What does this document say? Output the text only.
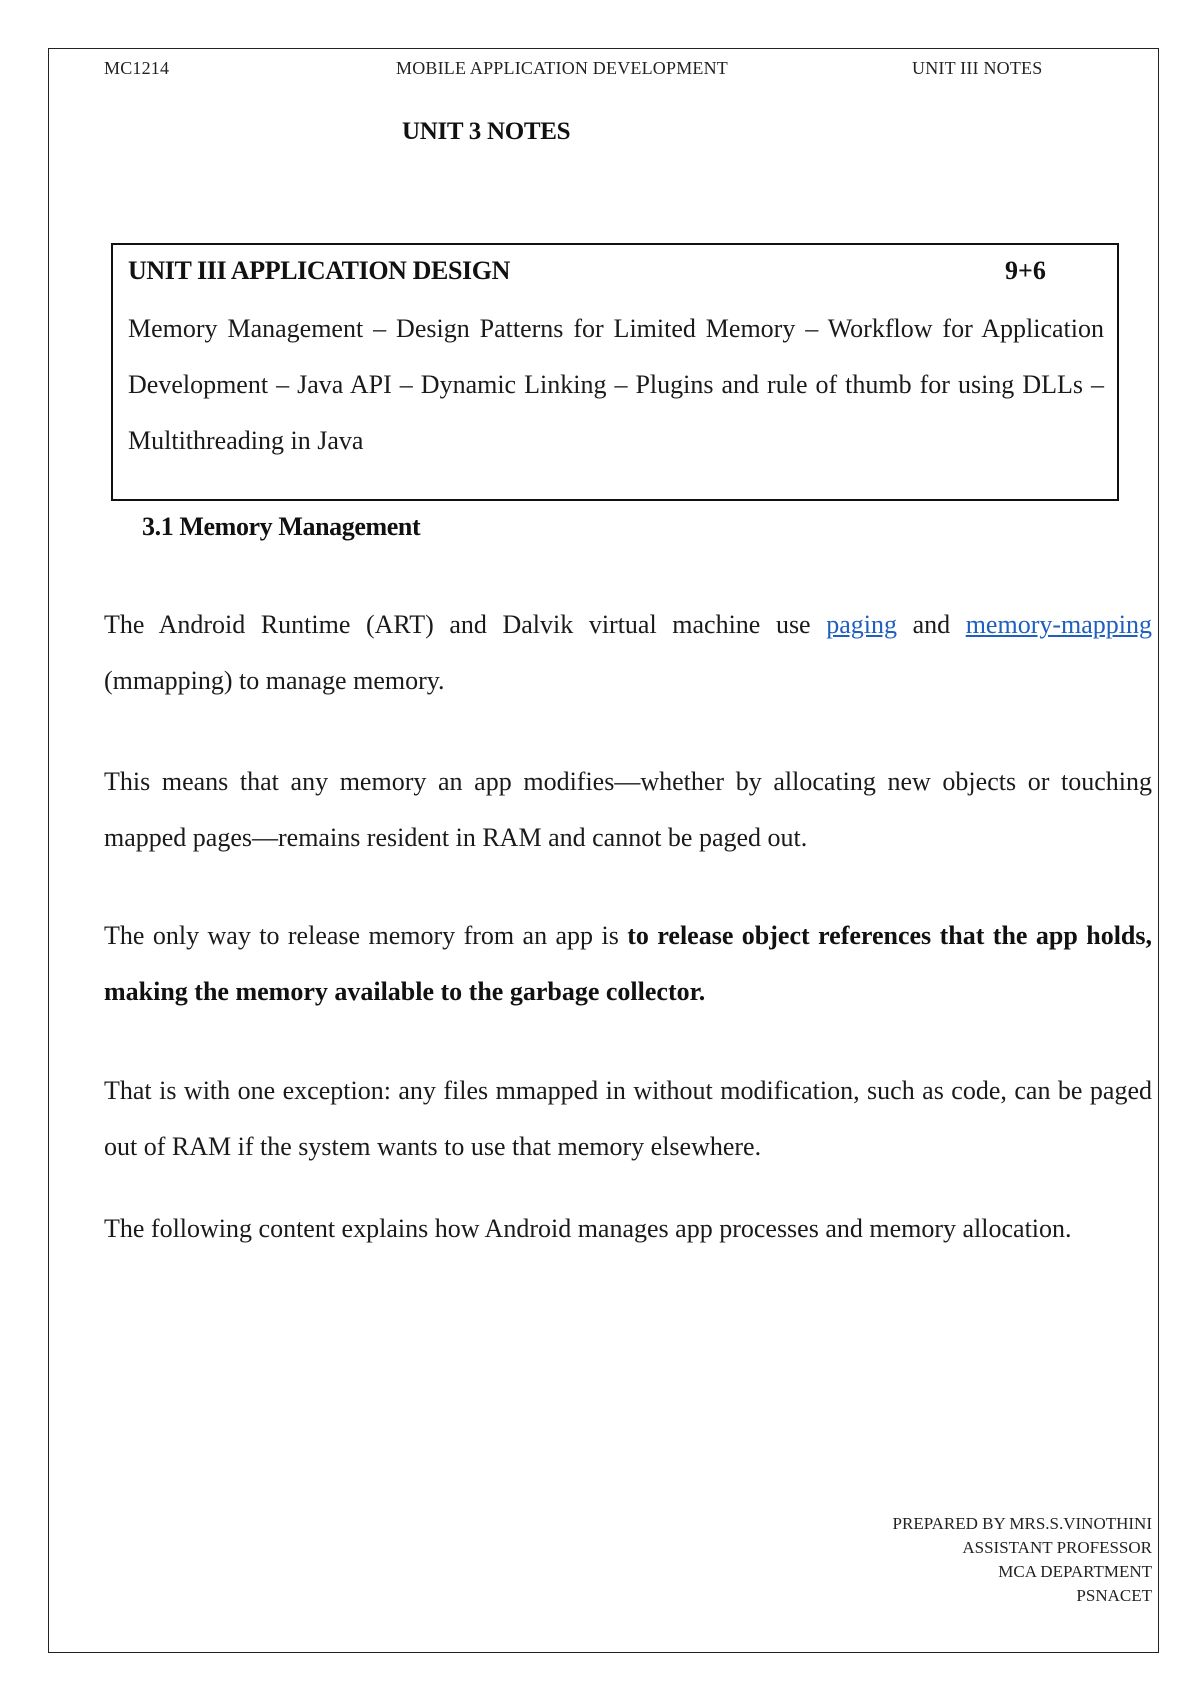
MC1214	MOBILE APPLICATION DEVELOPMENT	UNIT III NOTES
UNIT 3 NOTES
UNIT III APPLICATION DESIGN	9+6

Memory Management – Design Patterns for Limited Memory – Workflow for Application Development – Java API – Dynamic Linking – Plugins and rule of thumb for using DLLs – Multithreading in Java

3.1 Memory Management

The Android Runtime (ART) and Dalvik virtual machine use paging and memory-mapping (mmapping) to manage memory.

This means that any memory an app modifies—whether by allocating new objects or touching mapped pages—remains resident in RAM and cannot be paged out.

The only way to release memory from an app is to release object references that the app holds, making the memory available to the garbage collector.

That is with one exception: any files mmapped in without modification, such as code, can be paged out of RAM if the system wants to use that memory elsewhere.

The following content explains how Android manages app processes and memory allocation.

PREPARED BY MRS.S.VINOTHINI
ASSISTANT PROFESSOR
MCA DEPARTMENT
PSNACET
